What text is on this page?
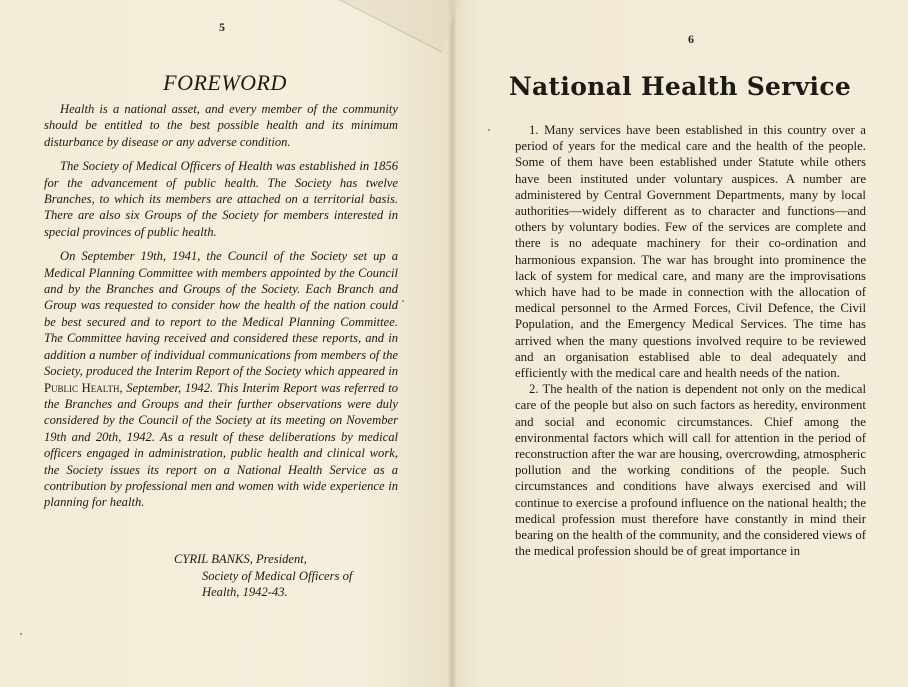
5
FOREWORD

Health is a national asset, and every member of the community should be entitled to the best possible health and its minimum disturbance by disease or any adverse condition.

The Society of Medical Officers of Health was established in 1856 for the advancement of public health. The Society has twelve Branches, to which its members are attached on a territorial basis. There are also six Groups of the Society for members interested in special provinces of public health.

On September 19th, 1941, the Council of the Society set up a Medical Planning Committee with members appointed by the Council and by the Branches and Groups of the Society. Each Branch and Group was requested to consider how the health of the nation could be best secured and to report to the Medical Planning Committee. The Committee having received and considered these reports, and in addition a number of individual communications from members of the Society, produced the Interim Report of the Society which appeared in Public Health, September, 1942. This Interim Report was referred to the Branches and Groups and their further observations were duly considered by the Council of the Society at its meeting on November 19th and 20th, 1942. As a result of these deliberations by medical officers engaged in administration, public health and clinical work, the Society issues its report on a National Health Service as a contribution by professional men and women with wide experience in planning for health.

CYRIL BANKS, President,
Society of Medical Officers of
Health, 1942-43.
6
National Health Service

1. Many services have been established in this country over a period of years for the medical care and the health of the people. Some of them have been established under Statute while others have been instituted under voluntary auspices. A number are administered by Central Government Departments, many by local authorities—widely different as to character and functions—and others by voluntary bodies. Few of the services are complete and there is no adequate machinery for their co-ordination and harmonious expansion. The war has brought into prominence the lack of system for medical care, and many are the improvisations which have had to be made in connection with the allocation of medical personnel to the Armed Forces, Civil Defence, the Civil Population, and the Emergency Medical Services. The time has arrived when the many questions involved require to be reviewed and an organisation establised able to deal adequately and efficiently with the medical care and health needs of the nation.

2. The health of the nation is dependent not only on the medical care of the people but also on such factors as heredity, environment and social and economic circumstances. Chief among the environmental factors which will call for attention in the period of reconstruction after the war are housing, overcrowding, atmospheric pollution and the working conditions of the people. Such circumstances and conditions have always exercised and will continue to exercise a profound influence on the national health; the medical profession must therefore have constantly in mind their bearing on the health of the community, and the considered views of the medical profession should be of great importance in
